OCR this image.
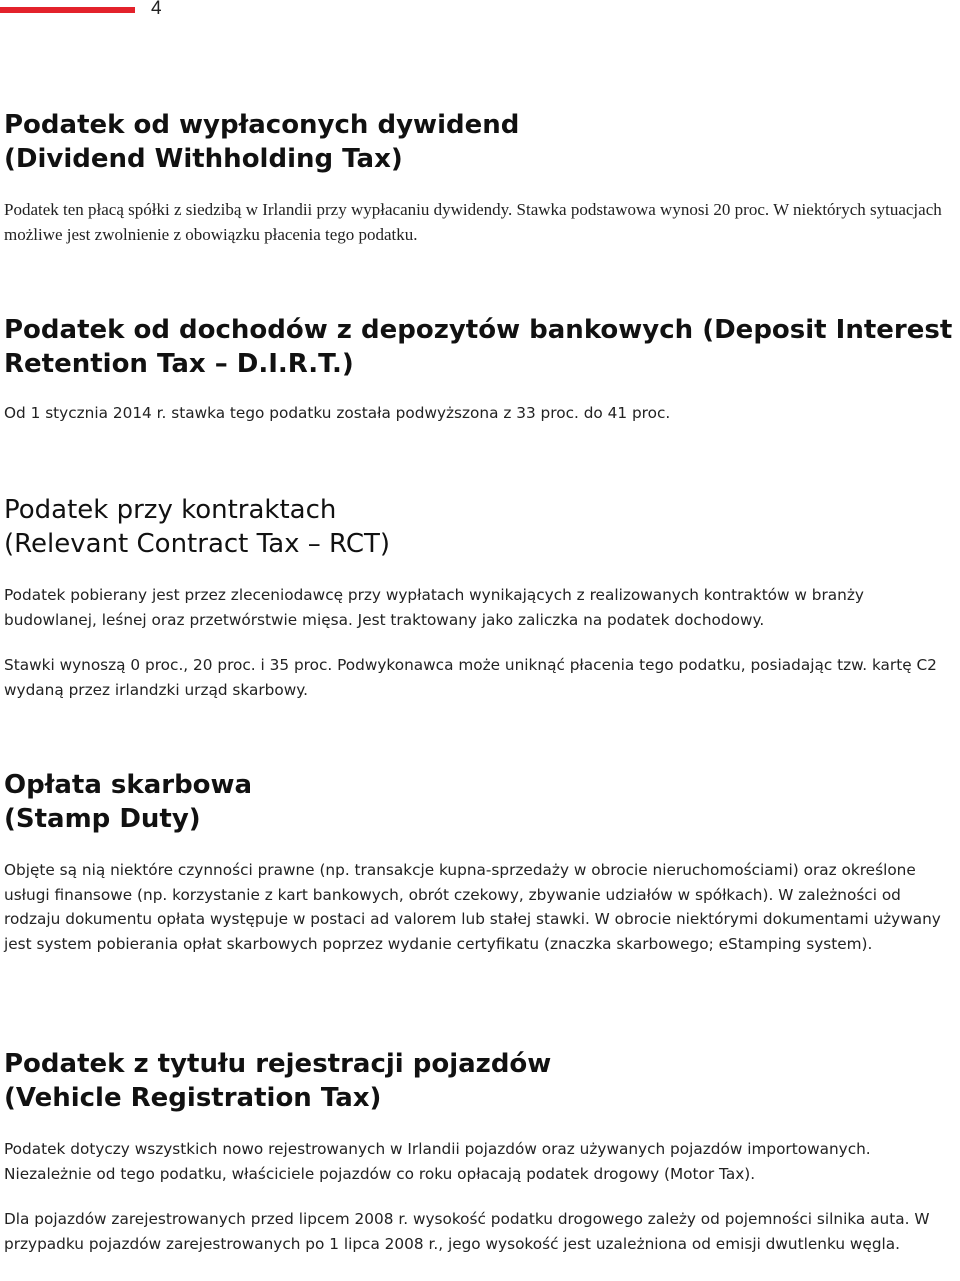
4
Podatek od wypłaconych dywidend
(Dividend Withholding Tax)

Podatek ten płacą spółki z siedzibą w Irlandii przy wypłacaniu dywidendy. Stawka podstawowa wynosi 20 proc. W niektórych sytuacjach możliwe jest zwolnienie z obowiązku płacenia tego podatku.

Podatek od dochodów z depozytów bankowych (Deposit Interest
Retention Tax – D.I.R.T.)

Od 1 stycznia 2014 r. stawka tego podatku została podwyższona z 33 proc. do 41 proc.

Podatek przy kontraktach
(Relevant Contract Tax – RCT)

Podatek pobierany jest przez zleceniodawcę przy wypłatach wynikających z realizowanych kontraktów w branży budowlanej, leśnej oraz przetwórstwie mięsa. Jest traktowany jako zaliczka na podatek dochodowy.

Stawki wynoszą 0 proc., 20 proc. i 35 proc. Podwykonawca może uniknąć płacenia tego podatku, posiadając tzw. kartę C2 wydaną przez irlandzki urząd skarbowy.

Opłata skarbowa
(Stamp Duty)

Objęte są nią niektóre czynności prawne (np. transakcje kupna-sprzedaży w obrocie nieruchomościami) oraz określone usługi finansowe (np. korzystanie z kart bankowych, obrót czekowy, zbywanie udziałów w spółkach). W zależności od rodzaju dokumentu opłata występuje w postaci ad valorem lub stałej stawki. W obrocie niektórymi dokumentami używany jest system pobierania opłat skarbowych poprzez wydanie certyfikatu (znaczka skarbowego; eStamping system).

Podatek z tytułu rejestracji pojazdów
(Vehicle Registration Tax)

Podatek dotyczy wszystkich nowo rejestrowanych w Irlandii pojazdów oraz używanych pojazdów importowanych. Niezależnie od tego podatku, właściciele pojazdów co roku opłacają podatek drogowy (Motor Tax).

Dla pojazdów zarejestrowanych przed lipcem 2008 r. wysokość podatku drogowego zależy od pojemności silnika auta. W przypadku pojazdów zarejestrowanych po 1 lipca 2008 r., jego wysokość jest uzależniona od emisji dwutlenku węgla.
